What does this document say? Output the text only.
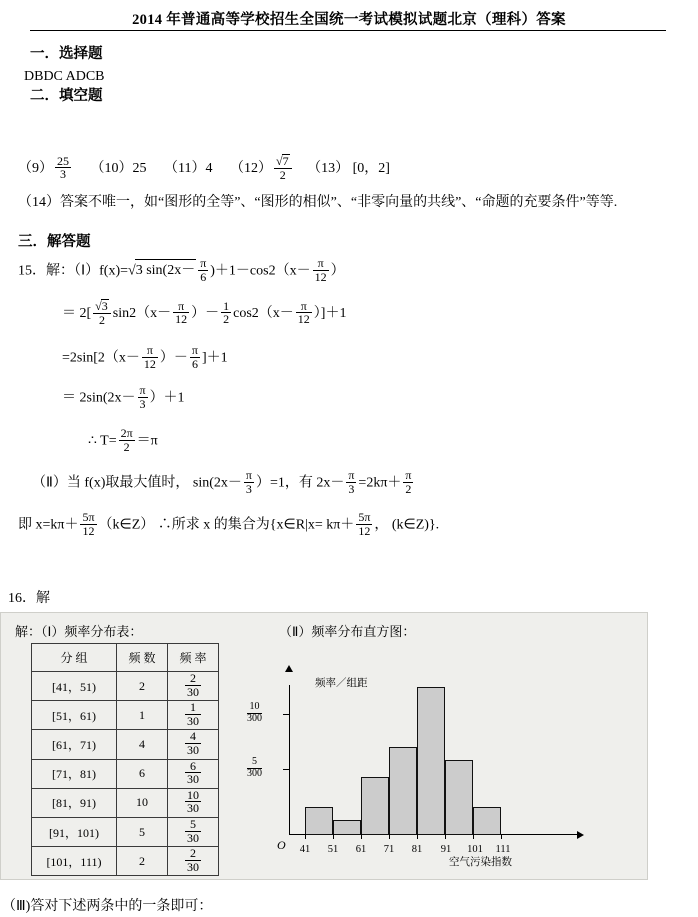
2014 年普通高等学校招生全国统一考试模拟试题北京（理科）答案
一．选择题
DBDC ADCB
二．填空题
$(9) \frac{25}{3} (10)25$ （11）4 $(12) \frac{√7}{2} (13)$ [0，2]
（14）答案不唯一，如“图形的全等”、“图形的相似”、“非零向量的共线”、“命题的充要条件”等等.
三．解答题
15．解：（Ⅰ）f(x)=√3 $\sin(2x- \frac{\pi}{6} )+1-\cos 2(x- \frac{\pi}{12}$ ）
＝ $2[ \frac{√3}{2} \sin 2(x- \frac{\pi}{12}$ ）－ $\frac{1}{2} \cos 2(x- \frac{\pi}{12} )]+1$
$=2\sin[2(x- \frac{\pi}{12}$ ）－ $\frac{\pi}{6} ]+1$
＝ $2\sin(2x- \frac{\pi}{3} )+1$
∴ $T= \frac{2\pi}{2} =\pi$
（Ⅱ）当 f(x)取最大值时， $\sin(2x- \frac{\pi}{3} )=1$，有 $2x- \frac{\pi}{3} =2k\pi+ \frac{\pi}{2}$
即 $x=k\pi+ \frac{5\pi}{12}$ （k∈Z） ∴所求 x 的集合为{x∈R|x= $k\pi+ \frac{5\pi}{12}$ ， (k∈Z)}.
16．解
解：（Ⅰ）频率分布表：	（Ⅱ）频率分布直方图：
分 组	频 数	频 率
[41，51)	2	$\frac{2}{30}$

[51，61)	1	$\frac{1}{30}$

[61，71)	4	$\frac{4}{30}$

[71，81)	6	$\frac{6}{30}$

[81，91)	10	$\frac{10}{30}$

[91，101)	5	$\frac{5}{30}$

[101，111)	2	$\frac{2}{30}$
O
$\frac{5}{300}$
$\frac{10}{300}$
频率／组距
41 51 61 71 81 91 101 111
空气污染指数
（Ⅲ)答对下述两条中的一条即可：
